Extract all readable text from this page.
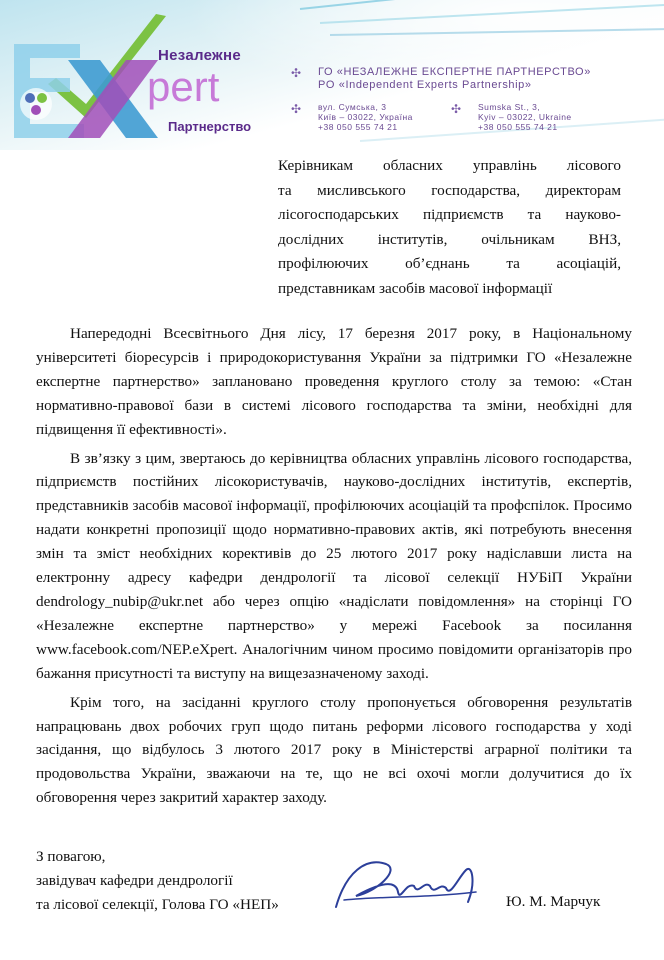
Незалежне
pert
Партнерство
✣
✣	✣
ГО «НЕЗАЛЕЖНЕ ЕКСПЕРТНЕ ПАРТНЕРСТВО»
PO «Independent Experts Partnership»
вул. Сумська, 3
Київ – 03022, Україна
+38 050 555 74 21
Sumska St., 3,
Kyiv – 03022, Ukraine
+38 050 555 74 21
Керівникам обласних управлінь лісового
та мисливського господарства, директорам
лісогосподарських підприємств та науково-
дослідних інститутів, очільникам ВНЗ,
профілюючих об’єднань та асоціацій,
представникам засобів масової інформації

Напередодні Всесвітнього Дня лісу, 17 березня 2017 року, в Національному університеті біоресурсів і природокористування України за підтримки ГО «Незалежне експертне партнерство» заплановано проведення круглого столу за темою: «Стан нормативно-правової бази в системі лісового господарства та зміни, необхідні для підвищення її ефективності».

В зв’язку з цим, звертаюсь до керівництва обласних управлінь лісового господарства, підприємств постійних лісокористувачів, науково-дослідних інститутів, експертів, представників засобів масової інформації, профілюючих асоціацій та профспілок. Просимо надати конкретні пропозиції щодо нормативно-правових актів, які потребують внесення змін та зміст необхідних корективів до 25 лютого 2017 року надіславши листа на електронну адресу кафедри дендрології та лісової селекції НУБіП України dendrology_nubip@ukr.net або через опцію «надіслати повідомлення» на сторінці ГО «Незалежне експертне партнерство» у мережі Facebook за посилання www.facebook.com/NEP.eXpert. Аналогічним чином просимо повідомити організаторів про бажання присутності та виступу на вищезазначеному заході.

Крім того, на засіданні круглого столу пропонується обговорення результатів напрацювань двох робочих груп щодо питань реформи лісового господарства у ході засідання, що відбулось 3 лютого 2017 року в Міністерстві аграрної політики та продовольства України, зважаючи на те, що не всі охочі могли долучитися до їх обговорення через закритий характер заходу.

З повагою,
завідувач кафедри дендрології
та лісової селекції, Голова ГО «НЕП»	Ю. М. Марчук
